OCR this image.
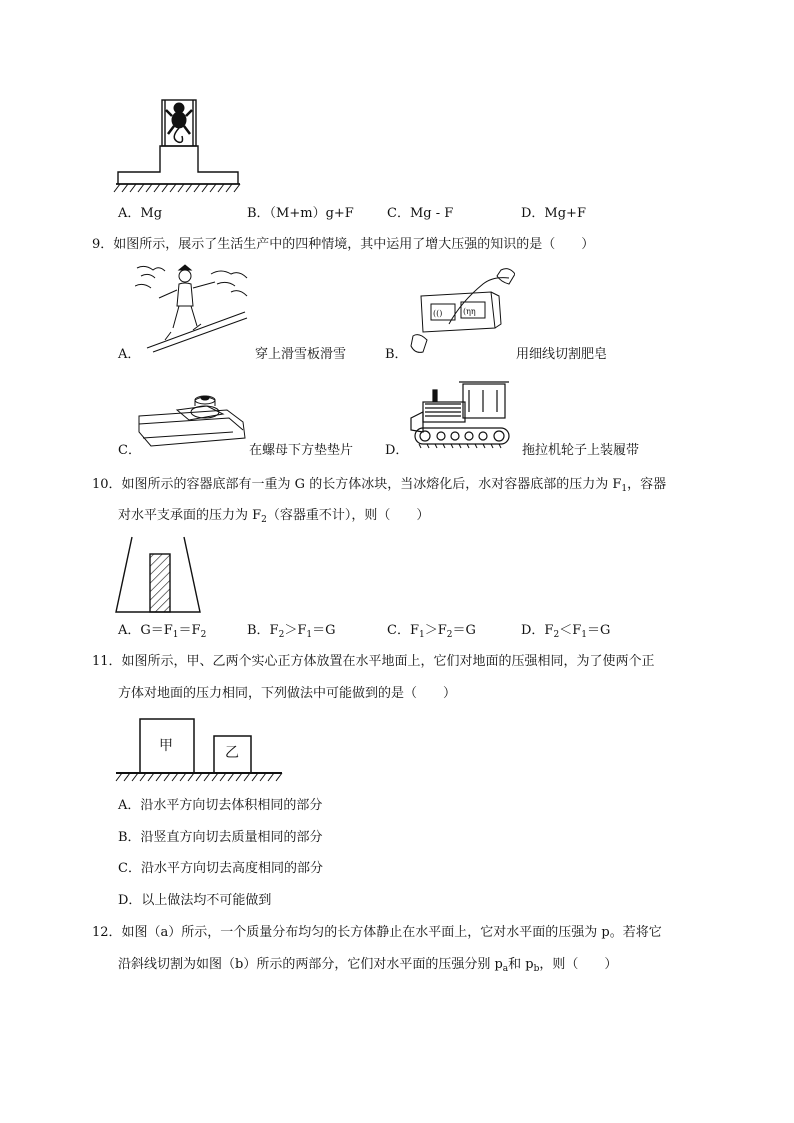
A．Mg	B．（M+m）g+F	C．Mg - F	D．Mg+F
9．如图所示，展示了生活生产中的四种情境，其中运用了增大压强的知识的是（　　）
A．	穿上滑雪板滑雪
(()	(ηη
B．	用细线切割肥皂
C．	在螺母下方垫垫片 D．	拖拉机轮子上装履带
10．如图所示的容器底部有一重为 G 的长方体冰块，当冰熔化后，水对容器底部的压力为 $F_1$，容器
对水平支承面的压力为 $F_2$（容器重不计），则（　　）
A．$G=F_1=F_2$	B．$F_2>F_1=G$	C．$F_1>F_2=G$	D．$F_2<F_1=G$
11．如图所示，甲、乙两个实心正方体放置在水平地面上，它们对地面的压强相同，为了使两个正
方体对地面的压力相同，下列做法中可能做到的是（　　）
甲	乙
A．沿水平方向切去体积相同的部分
B．沿竖直方向切去质量相同的部分
C．沿水平方向切去高度相同的部分
D．以上做法均不可能做到
12．如图（a）所示，一个质量分布均匀的长方体静止在水平面上，它对水平面的压强为 p。若将它
沿斜线切割为如图（b）所示的两部分，它们对水平面的压强分别 $p_a$和 $p_b$，则（　　）
